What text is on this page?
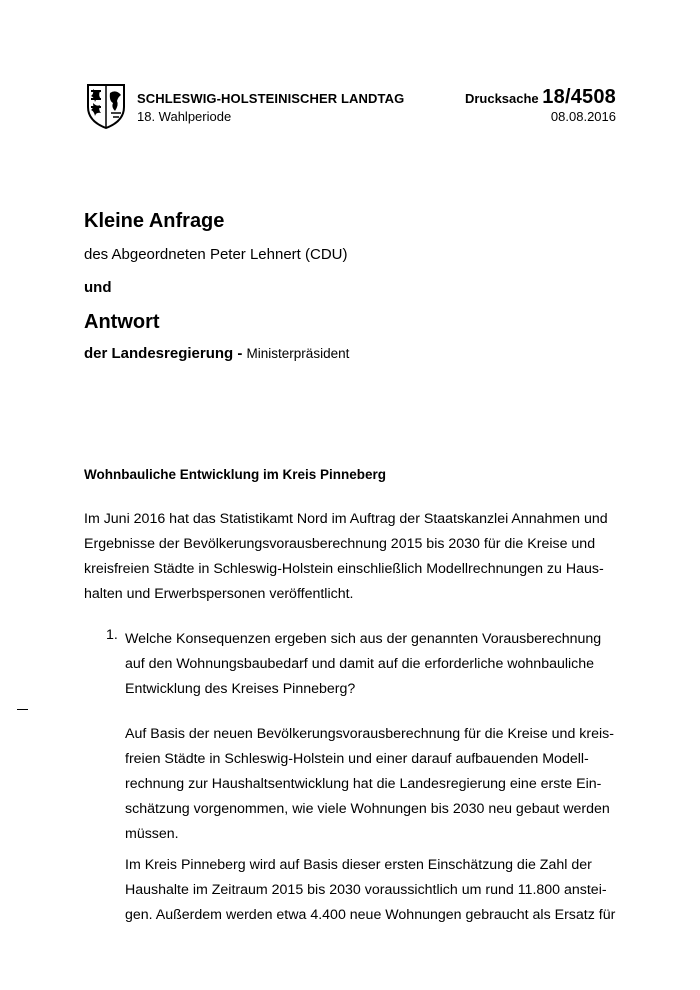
SCHLESWIG-HOLSTEINISCHER LANDTAG
18. Wahlperiode
Drucksache 18/4508
08.08.2016
Kleine Anfrage
des Abgeordneten Peter Lehnert (CDU)
und
Antwort
der Landesregierung - Ministerpräsident
Wohnbauliche Entwicklung im Kreis Pinneberg
Im Juni 2016 hat das Statistikamt Nord im Auftrag der Staatskanzlei Annahmen und
Ergebnisse der Bevölkerungsvorausberechnung 2015 bis 2030 für die Kreise und
kreisfreien Städte in Schleswig-Holstein einschließlich Modellrechnungen zu Haus-
halten und Erwerbspersonen veröffentlicht.
1. Welche Konsequenzen ergeben sich aus der genannten Vorausberechnung
auf den Wohnungsbaubedarf und damit auf die erforderliche wohnbauliche
Entwicklung des Kreises Pinneberg?
Auf Basis der neuen Bevölkerungsvorausberechnung für die Kreise und kreis-
freien Städte in Schleswig-Holstein und einer darauf aufbauenden Modell-
rechnung zur Haushaltsentwicklung hat die Landesregierung eine erste Ein-
schätzung vorgenommen, wie viele Wohnungen bis 2030 neu gebaut werden
müssen.
Im Kreis Pinneberg wird auf Basis dieser ersten Einschätzung die Zahl der
Haushalte im Zeitraum 2015 bis 2030 voraussichtlich um rund 11.800 anstei-
gen. Außerdem werden etwa 4.400 neue Wohnungen gebraucht als Ersatz für
